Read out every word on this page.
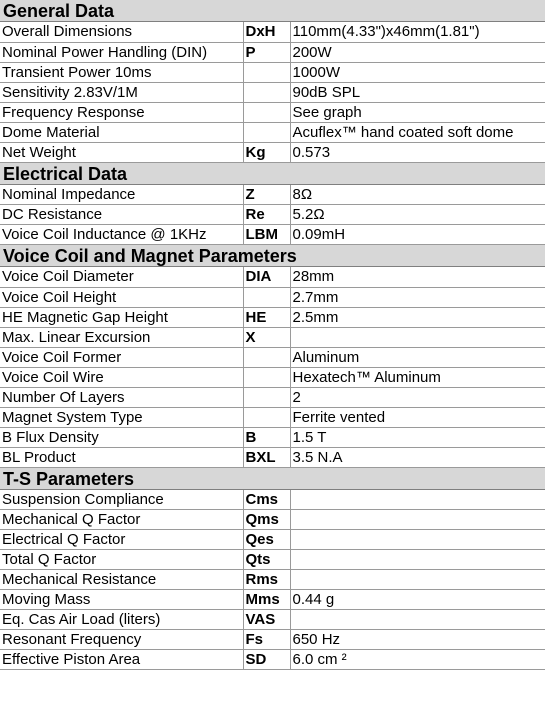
General Data
Overall Dimensions	DxH	110mm(4.33")x46mm(1.81")
Nominal Power Handling (DIN)	P	200W
Transient Power 10ms		1000W
Sensitivity 2.83V/1M		90dB SPL
Frequency Response		See graph
Dome Material		Acuflex™ hand coated soft dome
Net Weight	Kg	0.573
Electrical Data
Nominal Impedance	Z	8Ω
DC Resistance	Re	5.2Ω
Voice Coil Inductance @ 1KHz	LBM	0.09mH
Voice Coil and Magnet Parameters
Voice Coil Diameter	DIA	28mm
Voice Coil Height		2.7mm
HE Magnetic Gap Height	HE	2.5mm
Max. Linear Excursion	X	
Voice Coil Former		Aluminum
Voice Coil Wire		Hexatech™ Aluminum
Number Of Layers		2
Magnet System Type		Ferrite vented
B Flux Density	B	1.5 T
BL Product	BXL	3.5 N.A
T-S Parameters
Suspension Compliance	Cms	
Mechanical Q Factor	Qms	
Electrical Q Factor	Qes	
Total Q Factor	Qts	
Mechanical Resistance	Rms	
Moving Mass	Mms	0.44 g
Eq. Cas Air Load (liters)	VAS	
Resonant Frequency	Fs	650 Hz
Effective Piston Area	SD	6.0 cm ²
